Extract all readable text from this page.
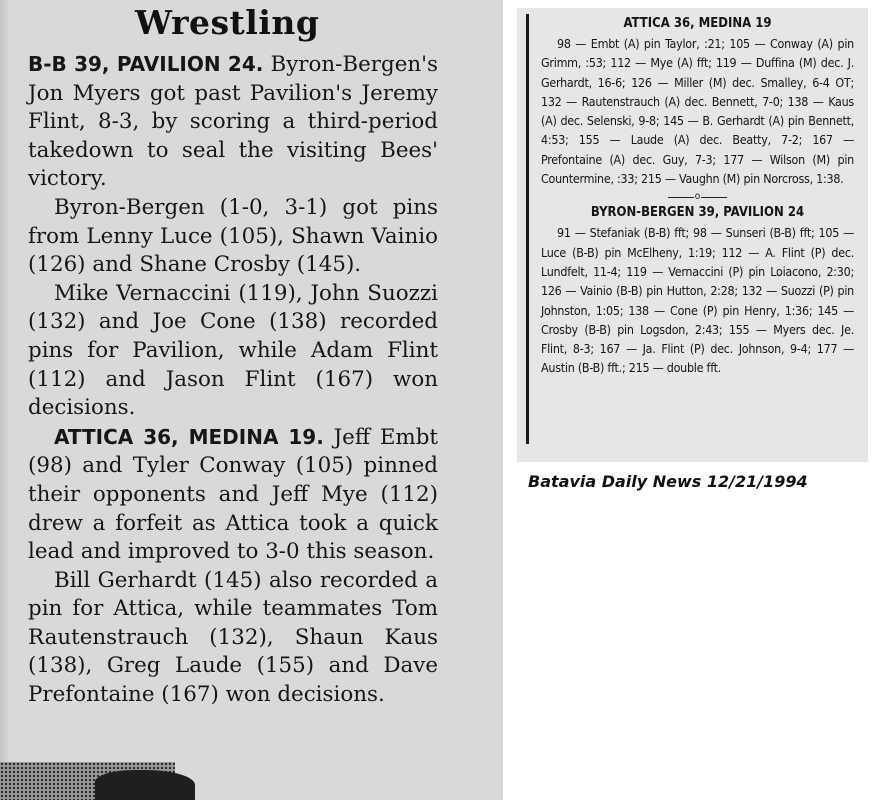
Wrestling

B-B 39, PAVILION 24. Byron-Bergen's Jon Myers got past Pavilion's Jeremy Flint, 8-3, by scoring a third-period takedown to seal the visiting Bees' victory.

Byron-Bergen (1-0, 3-1) got pins from Lenny Luce (105), Shawn Vainio (126) and Shane Crosby (145).

Mike Vernaccini (119), John Suozzi (132) and Joe Cone (138) recorded pins for Pavilion, while Adam Flint (112) and Jason Flint (167) won decisions.

ATTICA 36, MEDINA 19. Jeff Embt (98) and Tyler Conway (105) pinned their opponents and Jeff Mye (112) drew a forfeit as Attica took a quick lead and improved to 3-0 this season.

Bill Gerhardt (145) also recorded a pin for Attica, while teammates Tom Rautenstrauch (132), Shaun Kaus (138), Greg Laude (155) and Dave Prefontaine (167) won decisions.

ATTICA 36, MEDINA 19

98 — Embt (A) pin Taylor, :21; 105 — Conway (A) pin Grimm, :53; 112 — Mye (A) fft; 119 — Duffina (M) dec. J. Gerhardt, 16-6; 126 — Miller (M) dec. Smalley, 6-4 OT; 132 — Rautenstrauch (A) dec. Bennett, 7-0; 138 — Kaus (A) dec. Selenski, 9-8; 145 — B. Gerhardt (A) pin Bennett, 4:53; 155 — Laude (A) dec. Beatty, 7-2; 167 — Prefontaine (A) dec. Guy, 7-3; 177 — Wilson (M) pin Countermine, :33; 215 — Vaughn (M) pin Norcross, 1:38.

o
BYRON-BERGEN 39, PAVILION 24

91 — Stefaniak (B-B) fft; 98 — Sunseri (B-B) fft; 105 — Luce (B-B) pin McElheny, 1:19; 112 — A. Flint (P) dec. Lundfelt, 11-4; 119 — Vernaccini (P) pin Loiacono, 2:30; 126 — Vainio (B-B) pin Hutton, 2:28; 132 — Suozzi (P) pin Johnston, 1:05; 138 — Cone (P) pin Henry, 1:36; 145 — Crosby (B-B) pin Logsdon, 2:43; 155 — Myers dec. Je. Flint, 8-3; 167 — Ja. Flint (P) dec. Johnson, 9-4; 177 — Austin (B-B) fft.; 215 — double fft.

Batavia Daily News 12/21/1994
